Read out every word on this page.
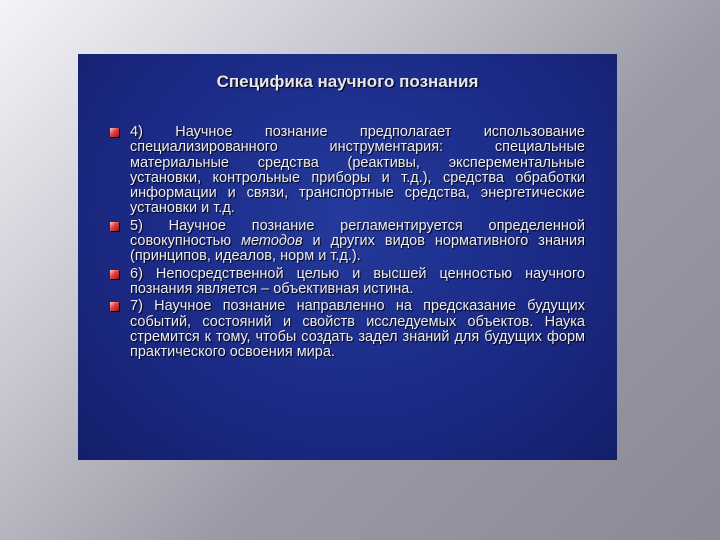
Специфика научного познания
4) Научное познание предполагает использование специализированного инструментария: специальные материальные средства (реактивы, эксперементальные установки, контрольные приборы и т.д.), средства обработки информации и связи, транспортные средства, энергетические установки и т.д.
5) Научное познание регламентируется определенной совокупностью методов и других видов нормативного знания (принципов, идеалов, норм и т.д.).
6) Непосредственной целью и высшей ценностью научного познания является – объективная истина.
7) Научное познание направленно на предсказание будущих событий, состояний и свойств исследуемых объектов. Наука стремится к тому, чтобы создать задел знаний для будущих форм практического освоения мира.
